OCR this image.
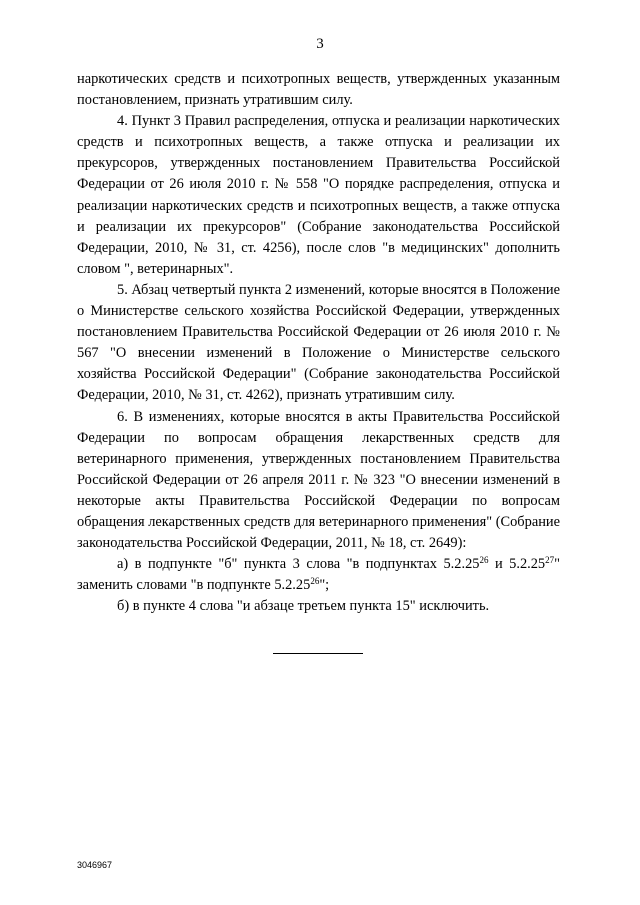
3

наркотических средств и психотропных веществ, утвержденных указанным постановлением, признать утратившим силу.

4. Пункт 3 Правил распределения, отпуска и реализации наркотических средств и психотропных веществ, а также отпуска и реализации их прекурсоров, утвержденных постановлением Правительства Российской Федерации от 26 июля 2010 г. № 558 "О порядке распределения, отпуска и реализации наркотических средств и психотропных веществ, а также отпуска и реализации их прекурсоров" (Собрание законодательства Российской Федерации, 2010, № 31, ст. 4256), после слов "в медицинских" дополнить словом ", ветеринарных".

5. Абзац четвертый пункта 2 изменений, которые вносятся в Положение о Министерстве сельского хозяйства Российской Федерации, утвержденных постановлением Правительства Российской Федерации от 26 июля 2010 г. № 567 "О внесении изменений в Положение о Министерстве сельского хозяйства Российской Федерации" (Собрание законодательства Российской Федерации, 2010, № 31, ст. 4262), признать утратившим силу.

6. В изменениях, которые вносятся в акты Правительства Российской Федерации по вопросам обращения лекарственных средств для ветеринарного применения, утвержденных постановлением Правительства Российской Федерации от 26 апреля 2011 г. № 323 "О внесении изменений в некоторые акты Правительства Российской Федерации по вопросам обращения лекарственных средств для ветеринарного применения" (Собрание законодательства Российской Федерации, 2011, № 18, ст. 2649):

а) в подпункте "б" пункта 3 слова "в подпунктах 5.2.25$^{26}$ и 5.2.25$^{27}$" заменить словами "в подпункте 5.2.25$^{26}$";

б) в пункте 4 слова "и абзаце третьем пункта 15" исключить.

3046967
